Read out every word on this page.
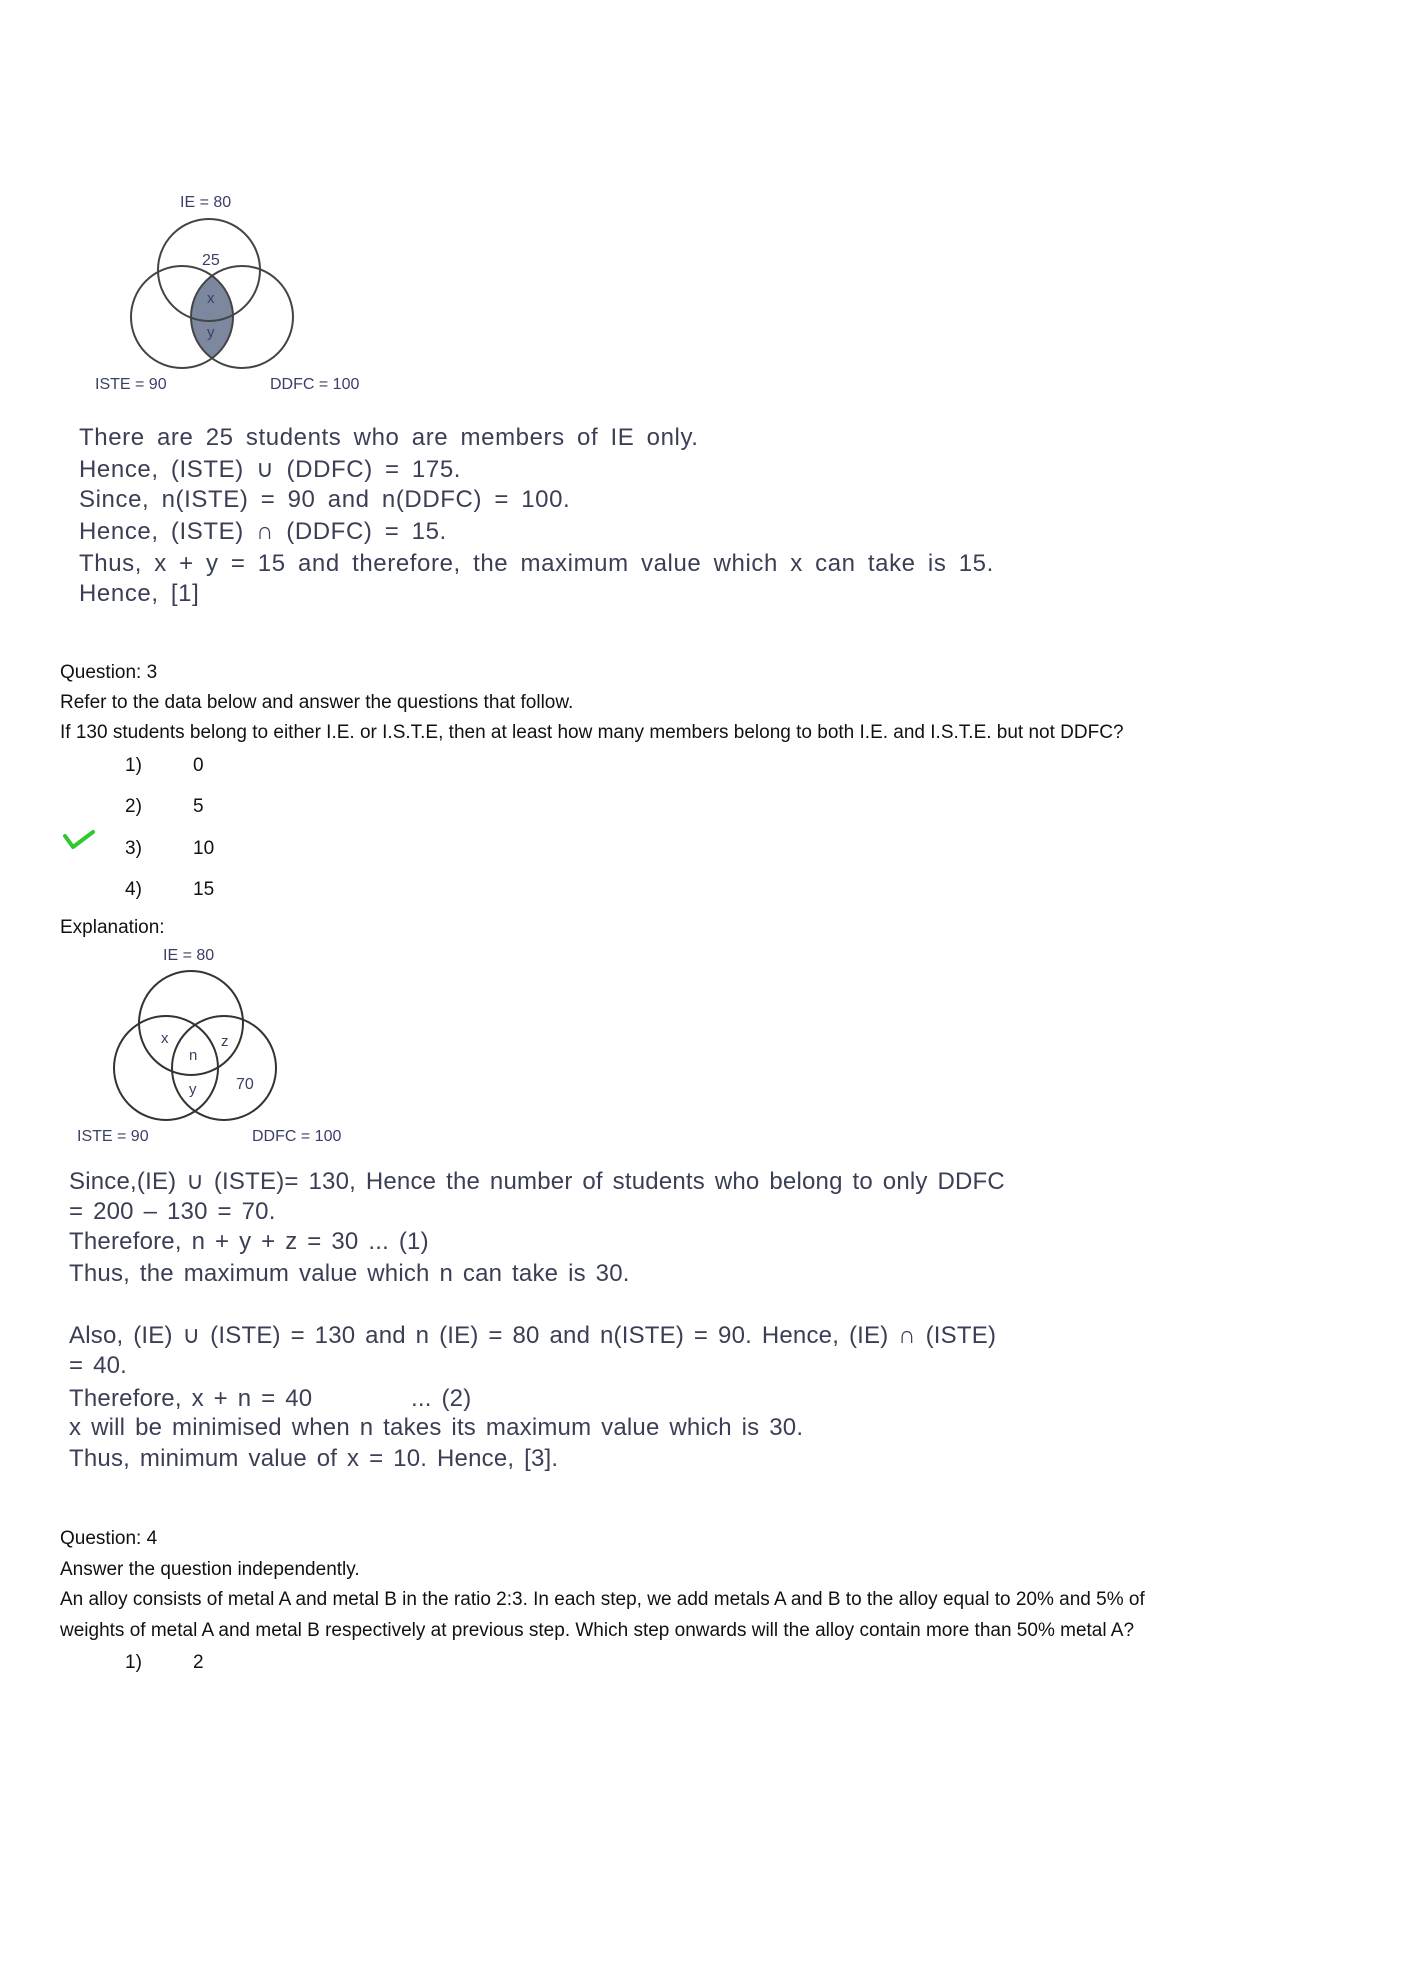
IE = 80
25
x
y
ISTE = 90	DDFC = 100
There are 25 students who are members of IE only.
Hence, (ISTE) ∪ (DDFC) = 175.
Since, n(ISTE) = 90 and n(DDFC) = 100.
Hence, (ISTE) ∩ (DDFC) = 15.
Thus, x + y = 15 and therefore, the maximum value which x can take is 15.
Hence, [1]
Question: 3
Refer to the data below and answer the questions that follow.
If 130 students belong to either I.E. or I.S.T.E, then at least how many members belong to both I.E. and I.S.T.E. but not DDFC?
1)	0
2)	5
3)	10
4)	15
Explanation:
IE = 80
x	z
n
y 70
ISTE = 90	DDFC = 100
Since,(IE) ∪ (ISTE)= 130, Hence the number of students who belong to only DDFC
= 200 – 130 = 70.
Therefore, n + y + z = 30 ... (1)
Thus, the maximum value which n can take is 30.
Also, (IE) ∪ (ISTE) = 130 and n (IE) = 80 and n(ISTE) = 90. Hence, (IE) ∩ (ISTE)
= 40.
Therefore, x + n = 40          ... (2)
x will be minimised when n takes its maximum value which is 30.
Thus, minimum value of x = 10. Hence, [3].
Question: 4
Answer the question independently.
An alloy consists of metal A and metal B in the ratio 2:3. In each step, we add metals A and B to the alloy equal to 20% and 5% of
weights of metal A and metal B respectively at previous step. Which step onwards will the alloy contain more than 50% metal A?
1)	2
